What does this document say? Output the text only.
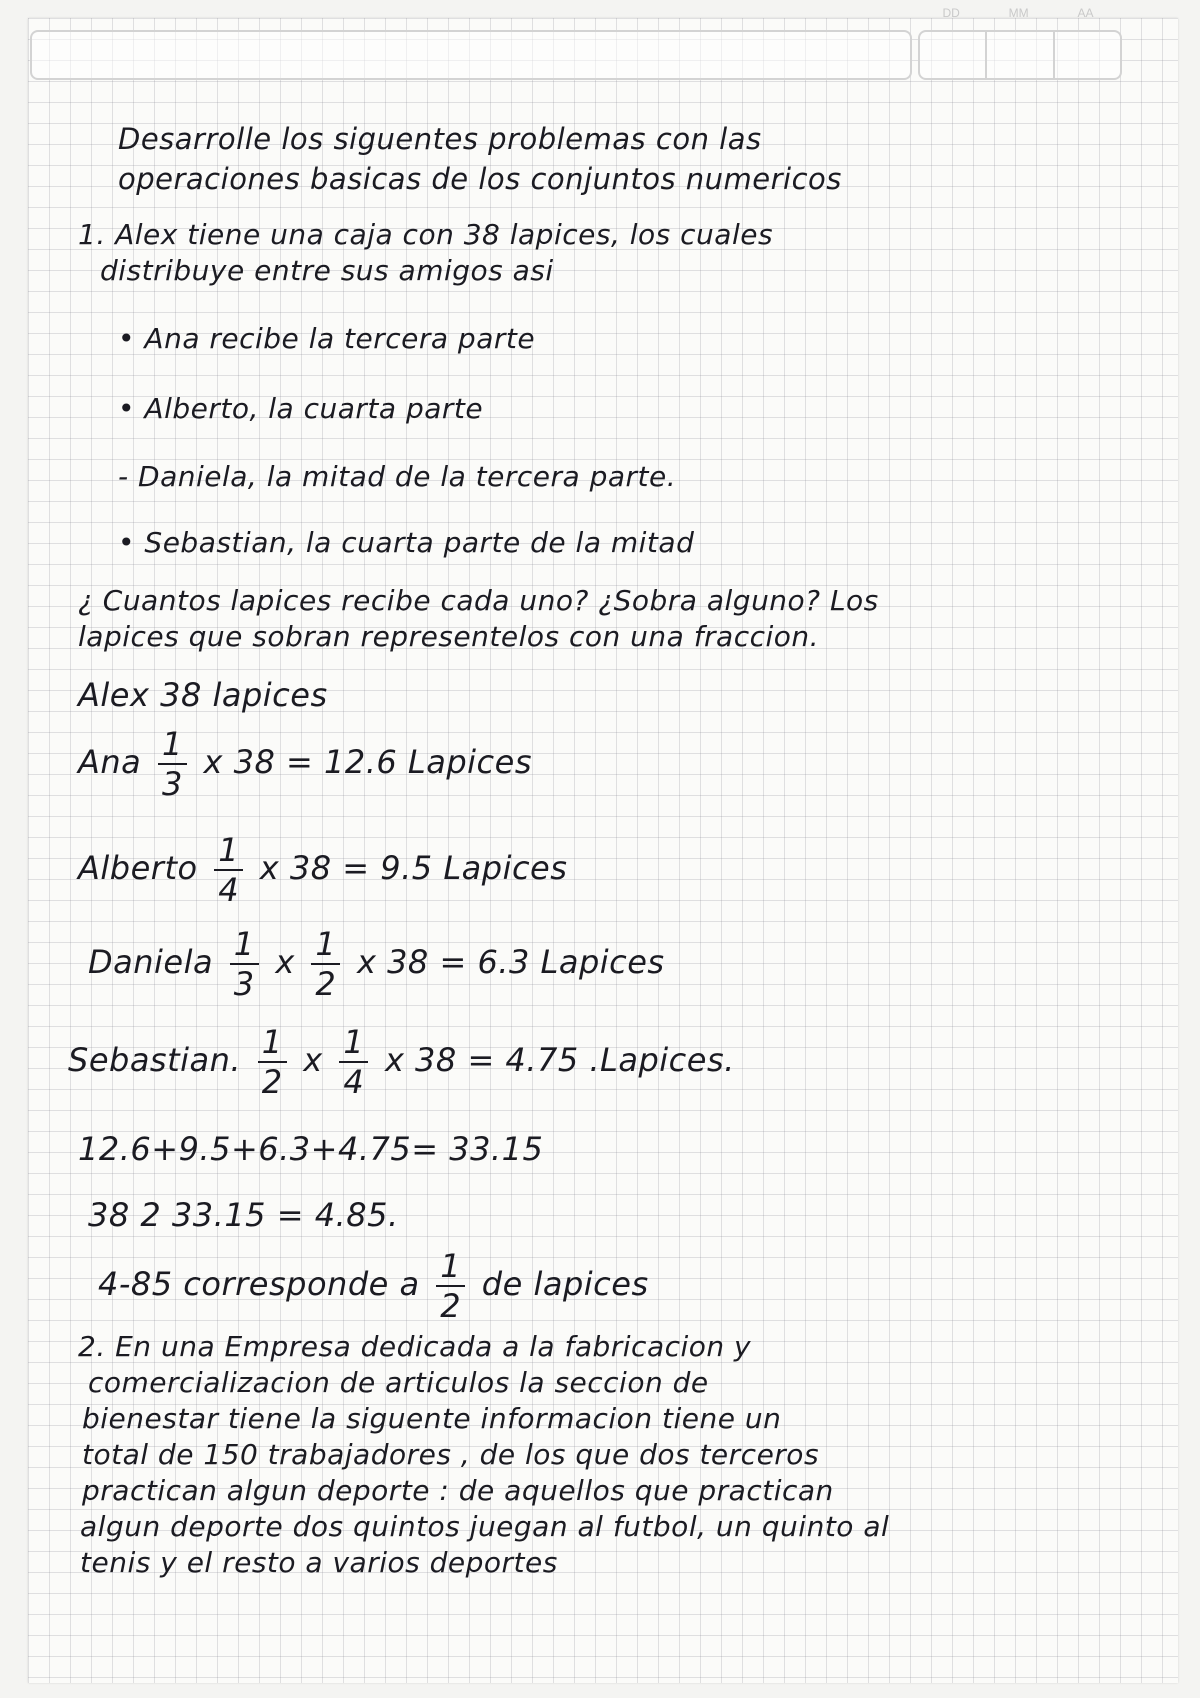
DD	MM	AA
Desarrolle los siguentes problemas con las
operaciones basicas de los conjuntos numericos
1. Alex tiene una caja con 38 lapices, los cuales
distribuye entre sus amigos asi
• Ana recibe la tercera parte
• Alberto, la cuarta parte
- Daniela, la mitad de la tercera parte.
• Sebastian, la cuarta parte de la mitad
¿ Cuantos lapices recibe cada uno? ¿Sobra alguno? Los
lapices que sobran representelos con una fraccion.
Alex 38 lapices
Ana $\frac{1}{3}$ x 38 = 12.6 Lapices
Alberto $\frac{1}{4}$ x 38 = 9.5 Lapices
Daniela $\frac{1}{3}$ x $\frac{1}{2}$ x 38 = 6.3 Lapices
Sebastian. $\frac{1}{2}$ x $\frac{1}{4}$ x 38 = 4.75 .Lapices.
12.6+9.5+6.3+4.75= 33.15
38 2 33.15 = 4.85.
4-85 corresponde a $\frac{1}{2}$ de lapices
2. En una Empresa dedicada a la fabricacion y
comercializacion de articulos la seccion de
bienestar tiene la siguente informacion tiene un
total de 150 trabajadores , de los que dos terceros
practican algun deporte : de aquellos que practican
algun deporte dos quintos juegan al futbol, un quinto al
tenis y el resto a varios deportes
